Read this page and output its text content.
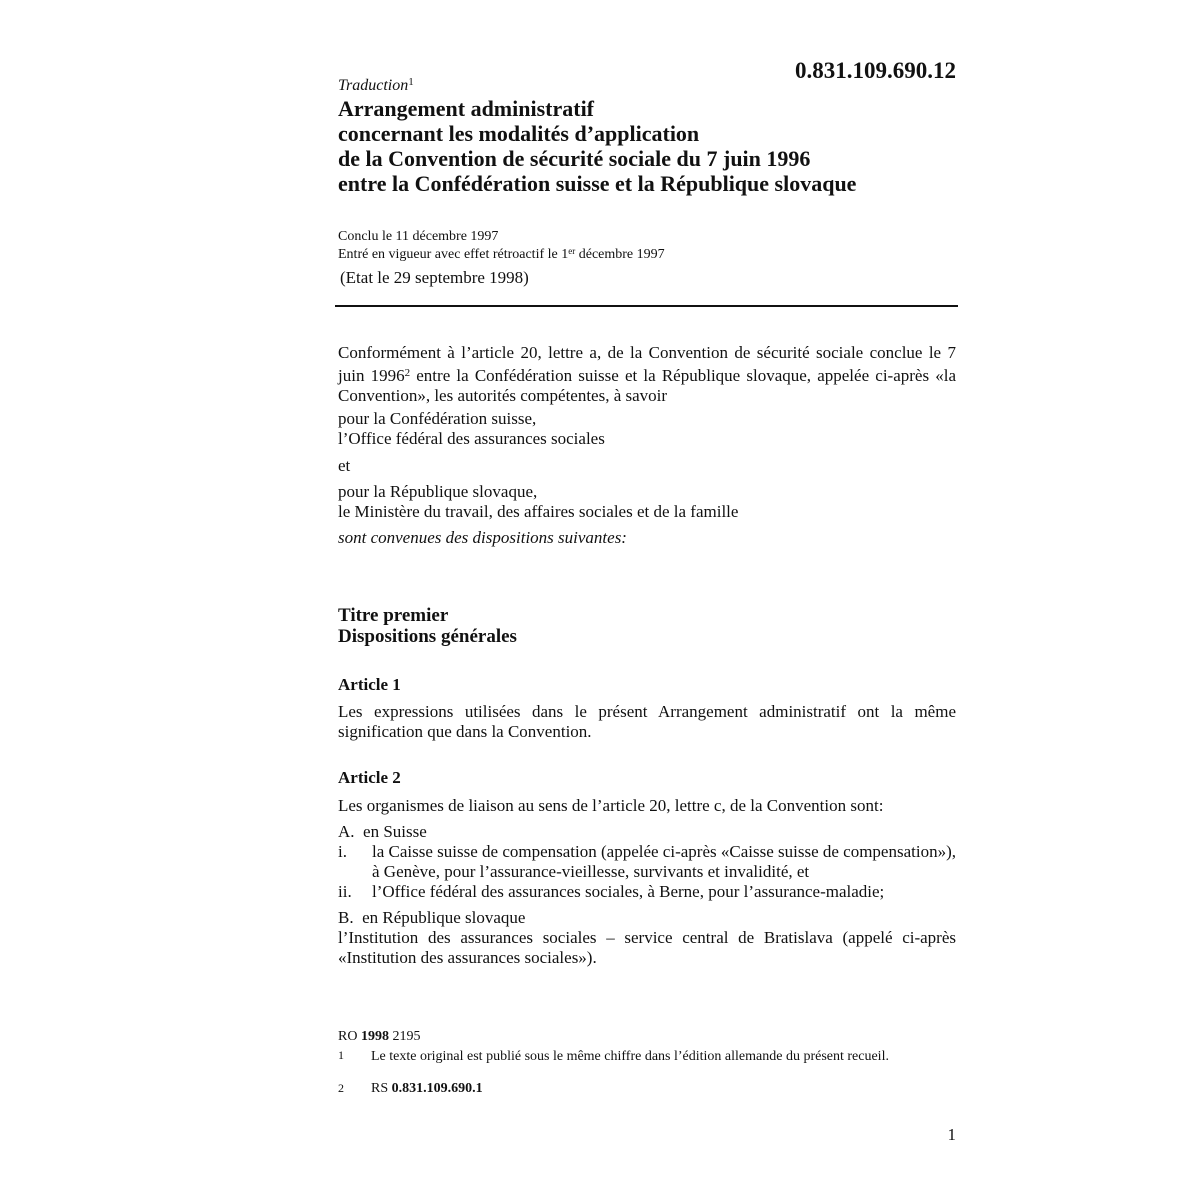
0.831.109.690.12
Traduction$^1$
Arrangement administratif
concernant les modalités d’application
de la Convention de sécurité sociale du 7 juin 1996
entre la Confédération suisse et la République slovaque
Conclu le 11 décembre 1997
Entré en vigueur avec effet rétroactif le 1er décembre 1997
(Etat le 29 septembre 1998)
Conformément à l’article 20, lettre a, de la Convention de sécurité sociale conclue le 7 juin 1996$^2$ entre la Confédération suisse et la République slovaque, appelée ci-après «la Convention», les autorités compétentes, à savoir
pour la Confédération suisse,
l’Office fédéral des assurances sociales
et
pour la République slovaque,
le Ministère du travail, des affaires sociales et de la famille
sont convenues des dispositions suivantes:
Titre premier
Dispositions générales
Article 1
Les expressions utilisées dans le présent Arrangement administratif ont la même signification que dans la Convention.
Article 2
Les organismes de liaison au sens de l’article 20, lettre c, de la Convention sont:
A. en Suisse
i. la Caisse suisse de compensation (appelée ci-après «Caisse suisse de compensation»), à Genève, pour l’assurance-vieillesse, survivants et invalidité, et
ii. l’Office fédéral des assurances sociales, à Berne, pour l’assurance-maladie;
B. en République slovaque
l’Institution des assurances sociales – service central de Bratislava (appelé ci-après «Institution des assurances sociales»).
RO 1998 2195
1 Le texte original est publié sous le même chiffre dans l’édition allemande du présent recueil.
2 RS 0.831.109.690.1
1
